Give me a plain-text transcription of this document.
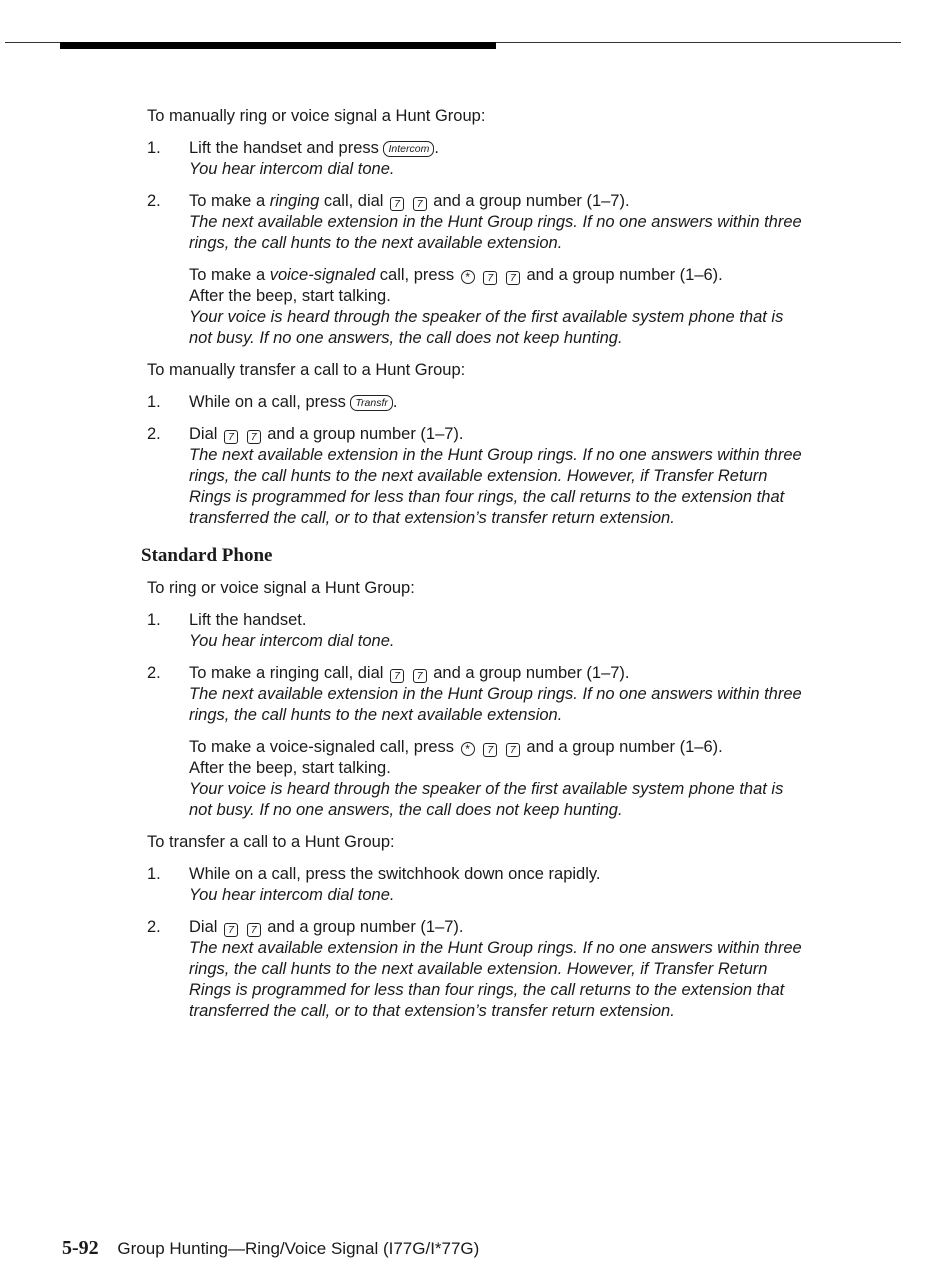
To manually ring or voice signal a Hunt Group:

1. Lift the handset and press Intercom .

You hear intercom dial tone.

2. To make a ringing call, dial 7 7 and a group number (1–7).

The next available extension in the Hunt Group rings. If no one answers within three rings, the call hunts to the next available extension.

To make a voice-signaled call, press * 7 7 and a group number (1–6).

After the beep, start talking.

Your voice is heard through the speaker of the first available system phone that is not busy. If no one answers, the call does not keep hunting.

To manually transfer a call to a Hunt Group:

1. While on a call, press Transfr .

2. Dial 7 7 and a group number (1–7).

The next available extension in the Hunt Group rings. If no one answers within three rings, the call hunts to the next available extension. However, if Transfer Return Rings is programmed for less than four rings, the call returns to the extension that transferred the call, or to that extension’s transfer return extension.

Standard Phone

To ring or voice signal a Hunt Group:

1. Lift the handset.

You hear intercom dial tone.

2. To make a ringing call, dial 7 7 and a group number (1–7).

The next available extension in the Hunt Group rings. If no one answers within three rings, the call hunts to the next available extension.

To make a voice-signaled call, press * 7 7 and a group number (1–6).

After the beep, start talking.

Your voice is heard through the speaker of the first available system phone that is not busy. If no one answers, the call does not keep hunting.

To transfer a call to a Hunt Group:

1. While on a call, press the switchhook down once rapidly.

You hear intercom dial tone.

2. Dial 7 7 and a group number (1–7).

The next available extension in the Hunt Group rings. If no one answers within three rings, the call hunts to the next available extension. However, if Transfer Return Rings is programmed for less than four rings, the call returns to the extension that transferred the call, or to that extension’s transfer return extension.

5-92 Group Hunting—Ring/Voice Signal (I77G/I*77G)
